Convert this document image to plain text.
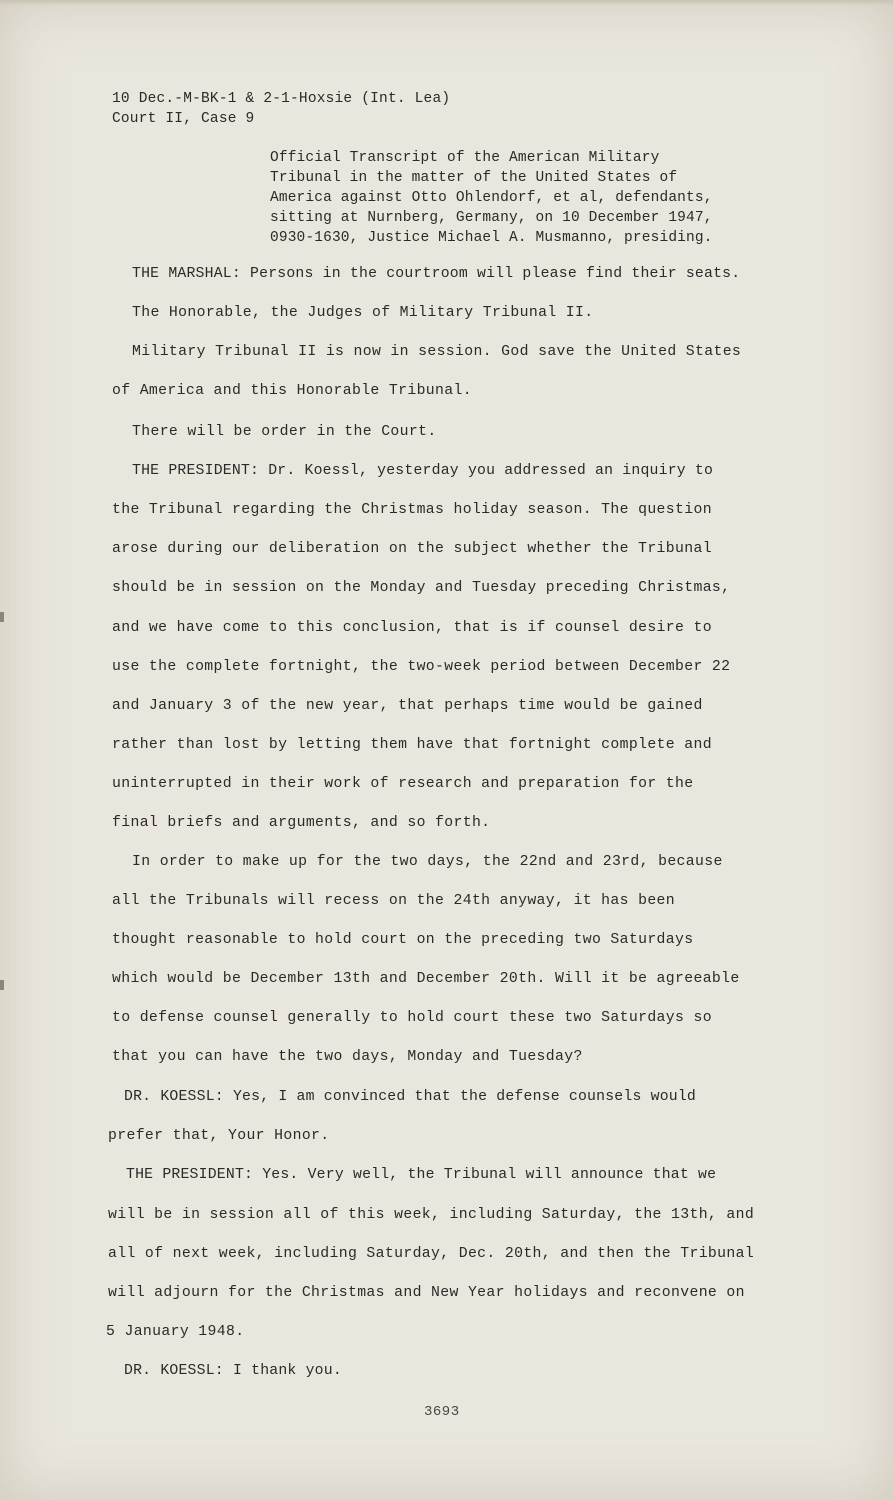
10 Dec.-M-BK-1 & 2-1-Hoxsie (Int. Lea)
Court II, Case 9
Official Transcript of the American Military
Tribunal in the matter of the United States of
America against Otto Ohlendorf, et al, defendants,
sitting at Nurnberg, Germany, on 10 December 1947,
0930-1630, Justice Michael A. Musmanno, presiding.
THE MARSHAL: Persons in the courtroom will please find their seats.
The Honorable, the Judges of Military Tribunal II.
Military Tribunal II is now in session. God save the United States
of America and this Honorable Tribunal.
There will be order in the Court.
THE PRESIDENT: Dr. Koessl, yesterday you addressed an inquiry to
the Tribunal regarding the Christmas holiday season. The question
arose during our deliberation on the subject whether the Tribunal
should be in session on the Monday and Tuesday preceding Christmas,
and we have come to this conclusion, that is if counsel desire to
use the complete fortnight, the two-week period between December 22
and January 3 of the new year, that perhaps time would be gained
rather than lost by letting them have that fortnight complete and
uninterrupted in their work of research and preparation for the
final briefs and arguments, and so forth.
In order to make up for the two days, the 22nd and 23rd, because
all the Tribunals will recess on the 24th anyway, it has been
thought reasonable to hold court on the preceding two Saturdays
which would be December 13th and December 20th. Will it be agreeable
to defense counsel generally to hold court these two Saturdays so
that you can have the two days, Monday and Tuesday?
DR. KOESSL: Yes, I am convinced that the defense counsels would
prefer that, Your Honor.
THE PRESIDENT: Yes. Very well, the Tribunal will announce that we
will be in session all of this week, including Saturday, the 13th, and
all of next week, including Saturday, Dec. 20th, and then the Tribunal
will adjourn for the Christmas and New Year holidays and reconvene on
5 January 1948.
DR. KOESSL: I thank you.
3693
